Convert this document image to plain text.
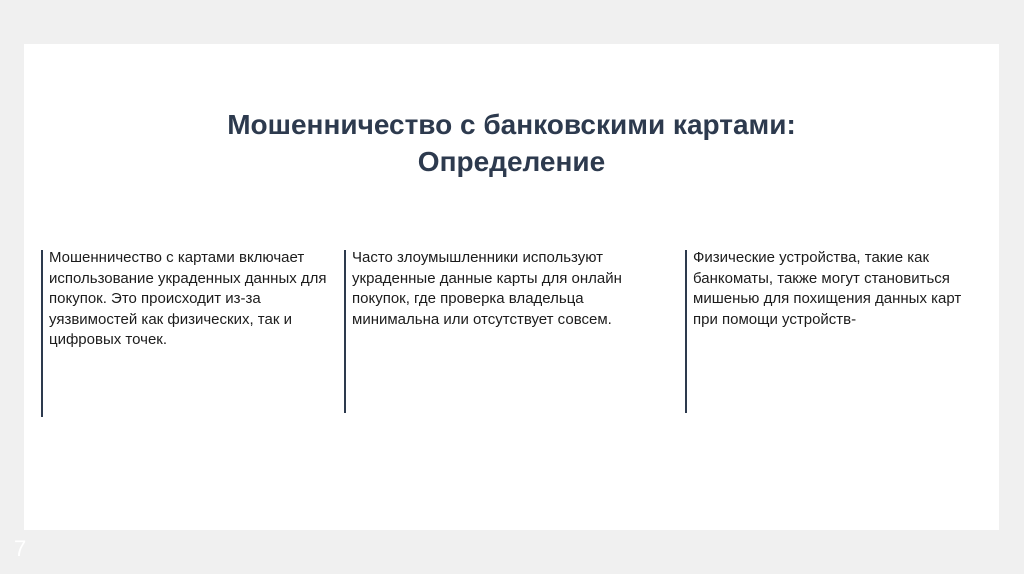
Мошенничество с банковскими картами:
Определение
Мошенничество с картами включает использование украденных данных для покупок. Это происходит из-за уязвимостей как физических, так и цифровых точек.
Часто злоумышленники используют украденные данные карты для онлайн покупок, где проверка владельца минимальна или отсутствует совсем.
Физические устройства, такие как банкоматы, также могут становиться мишенью для похищения данных карт при помощи устройств-
7
